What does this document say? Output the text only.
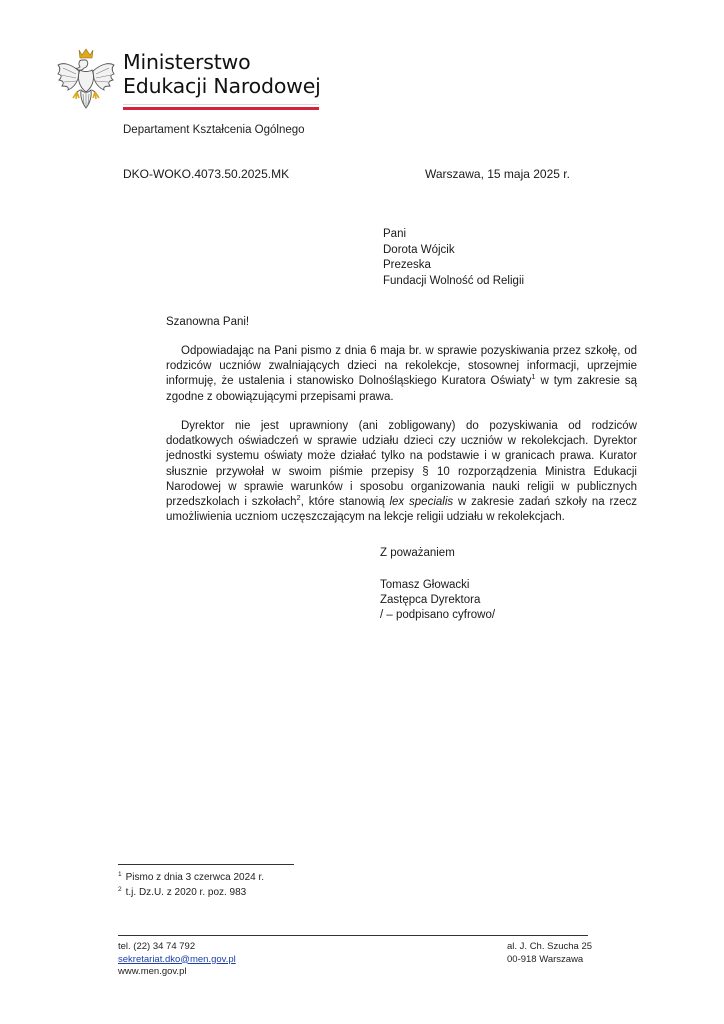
Ministerstwo
Edukacji Narodowej
Departament Kształcenia Ogólnego
DKO-WOKO.4073.50.2025.MK	Warszawa, 15 maja 2025 r.
Pani
Dorota Wójcik
Prezeska
Fundacji Wolność od Religii
Szanowna Pani!
Odpowiadając na Pani pismo z dnia 6 maja br. w sprawie pozyskiwania przez szkołę, od rodziców uczniów zwalniających dzieci na rekolekcje, stosownej informacji, uprzejmie informuję, że ustalenia i stanowisko Dolnośląskiego Kuratora Oświaty$^1$ w tym zakresie są zgodne z obowiązującymi przepisami prawa.
Dyrektor nie jest uprawniony (ani zobligowany) do pozyskiwania od rodziców dodatkowych oświadczeń w sprawie udziału dzieci czy uczniów w rekolekcjach. Dyrektor jednostki systemu oświaty może działać tylko na podstawie i w granicach prawa. Kurator słusznie przywołał w swoim piśmie przepisy § 10 rozporządzenia Ministra Edukacji Narodowej w sprawie warunków i sposobu organizowania nauki religii w publicznych przedszkolach i szkołach$^2$, które stanowią lex specialis w zakresie zadań szkoły na rzecz umożliwienia uczniom uczęszczającym na lekcje religii udziału w rekolekcjach.
Z poważaniem
Tomasz Głowacki
Zastępca Dyrektora
/ – podpisano cyfrowo/
$^1$ Pismo z dnia 3 czerwca 2024 r.
$^2$ t.j. Dz.U. z 2020 r. poz. 983
tel. (22) 34 74 792
sekretariat.dko@men.gov.pl
www.men.gov.pl
al. J. Ch. Szucha 25
00-918 Warszawa
